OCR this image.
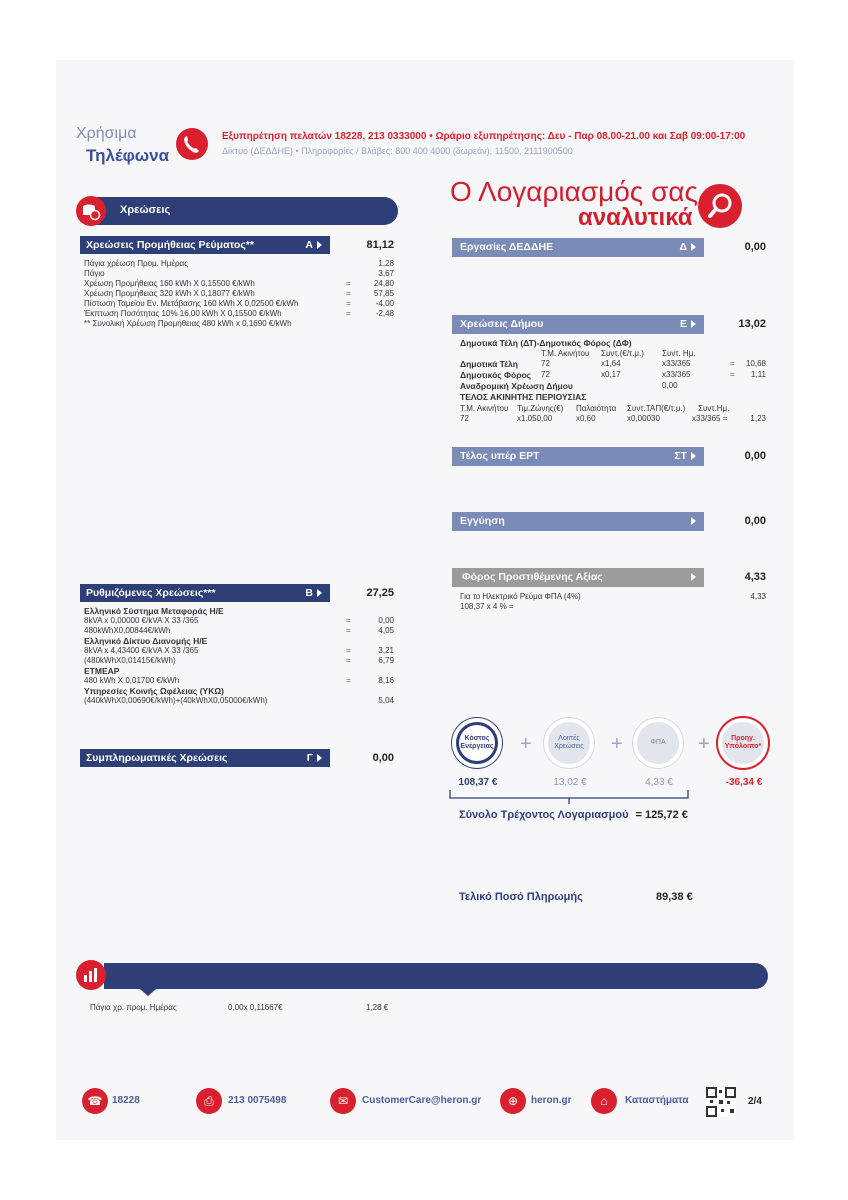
Χρήσιμα
Τηλέφωνα
Εξυπηρέτηση πελατών 18228, 213 0333000 • Ωράριο εξυπηρέτησης: Δευ - Παρ 08.00-21.00 και Σαβ 09:00-17:00
Δίκτυο (ΔΕΔΔΗΕ) • Πληροφορίες / Βλάβες: 800 400 4000 (δωρεάν), 11500, 2111900500
Ο Λογαριασμός σας
αναλυτικά
Χρεώσεις
Χρεώσεις Προμήθειας Ρεύματος**	Α	81,12
Πάγια χρέωση Προμ. Ημέρας	1,28
Πάγιο	3,67
Χρέωση Προμήθειας 160 kWh X 0,15500 €/kWh	=	24,80
Χρέωση Προμήθειας 320 kWh X 0,18077 €/kWh	=	57,85
Πίστωση Ταμείου Εν. Μετάβασης 160 kWh X 0,02500 €/kWh	=	-4,00
Έκπτωση Ποσότητας 10% 16,00 kWh X 0,15500 €/kWh	=	-2,48
** Συνολική Χρέωση Προμήθειας 480 kWh x 0,1690 €/kWh
Ρυθμιζόμενες Χρεώσεις***	Β	27,25
Ελληνικό Σύστημα Μεταφοράς Η/Ε
8kVA x 0,00000 €/kVA X 33 /365	=	0,00
480kWhX0,00844€/kWh	=	4,05
Ελληνικό Δίκτυο Διανομής Η/Ε
8kVA x 4,43400 €/kVA X 33 /365	=	3,21
(480kWhX0,01415€/kWh)	=	6,79
ΕΤΜΕΑΡ
480 kWh X 0,01700 €/kWh	=	8,16
Υπηρεσίες Κοινής Ωφέλειας (ΥΚΩ)
(440kWhX0,00690€/kWh)+(40kWhX0,05000€/kWh)	5,04
Συμπληρωματικές Χρεώσεις	Γ	0,00
Εργασίες ΔΕΔΔΗΕ	Δ	0,00
Χρεώσεις Δήμου	Ε	13,02
Δημοτικά Τέλη (ΔΤ)-Δημοτικός Φόρος (ΔΦ)
Τ.Μ. Ακινήτου Συντ.(€/τ.μ.) Συντ. Ημ.
Δημοτικά Τέλη	72	x1,64	x33/365	=	10,68
Δημοτικός Φόρος 72	x0,17	x33/365	=	1,11
Αναδρομική Χρέωση Δήμου	0,00
ΤΕΛΟΣ ΑΚΙΝΗΤΗΣ ΠΕΡΙΟΥΣΙΑΣ
Τ.Μ. Ακινήτου Τιμ.Ζώνης(€) Παλαιότητα Συντ.ΤΑΠ(€/τ.μ.) Συντ.Ημ.
72	x1.050,00	x0,60	x0,00030	x33/365 =	1,23
Τέλος υπέρ ΕΡΤ	ΣΤ	0,00
Εγγύηση	0,00
Φόρος Προστιθέμενης Αξίας	4,33
Για το Ηλεκτρικό Ρεύμα ΦΠΑ (4%)	4,33
108,37 x 4 % =
Κόστος Ενέργειας +	Λοιπές Χρεώσεις	+	ΦΠΑ +	Προηγ. Υπόλοιπο*
108,37 €	13,02 €	4,33 €	-36,34 €
Σύνολο Τρέχοντος Λογαριασμού = 125,72 €
Τελικό Ποσό Πληρωμής	89,38 €
Πάγια χρ. προμ. Ημέρας	0,00x 0,11667€	1,28 €
☎ 18228	⎙	213 0075498	✉	CustomerCare@heron.gr	⊕	heron.gr	⌂	Καταστήματα	2/4
